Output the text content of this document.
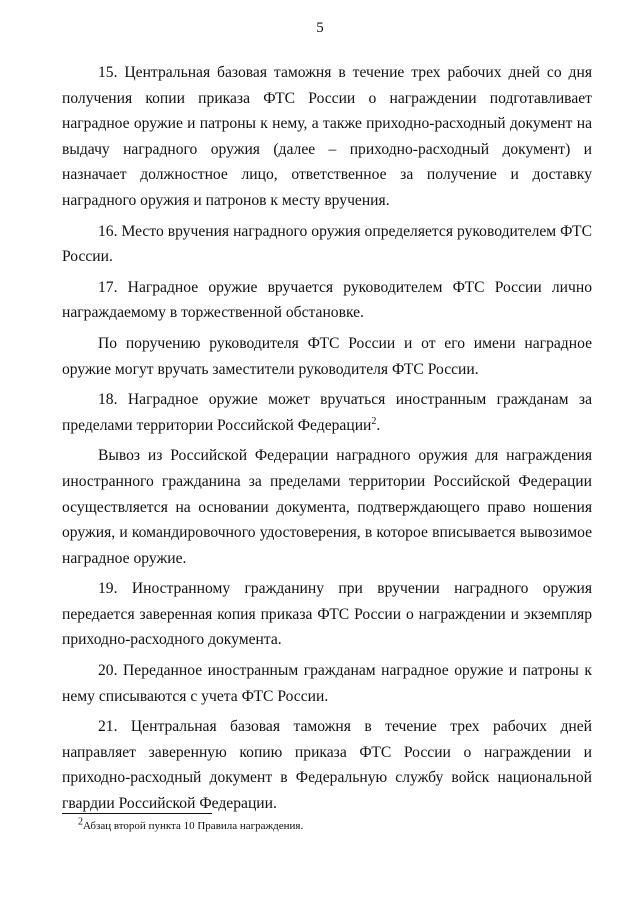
5

15. Центральная базовая таможня в течение трех рабочих дней со дня получения копии приказа ФТС России о награждении подготавливает наградное оружие и патроны к нему, а также приходно-расходный документ на выдачу наградного оружия (далее – приходно-расходный документ) и назначает должностное лицо, ответственное за получение и доставку наградного оружия и патронов к месту вручения.

16. Место вручения наградного оружия определяется руководителем ФТС России.

17. Наградное оружие вручается руководителем ФТС России лично награждаемому в торжественной обстановке.

По поручению руководителя ФТС России и от его имени наградное оружие могут вручать заместители руководителя ФТС России.

18. Наградное оружие может вручаться иностранным гражданам за пределами территории Российской Федерации$^2$.

Вывоз из Российской Федерации наградного оружия для награждения иностранного гражданина за пределами территории Российской Федерации осуществляется на основании документа, подтверждающего право ношения оружия, и командировочного удостоверения, в которое вписывается вывозимое наградное оружие.

19. Иностранному гражданину при вручении наградного оружия передается заверенная копия приказа ФТС России о награждении и экземпляр приходно-расходного документа.

20. Переданное иностранным гражданам наградное оружие и патроны к нему списываются с учета ФТС России.

21. Центральная базовая таможня в течение трех рабочих дней направляет заверенную копию приказа ФТС России о награждении и приходно-расходный документ в Федеральную службу войск национальной гвардии Российской Федерации.

$^2$Абзац второй пункта 10 Правила награждения.
